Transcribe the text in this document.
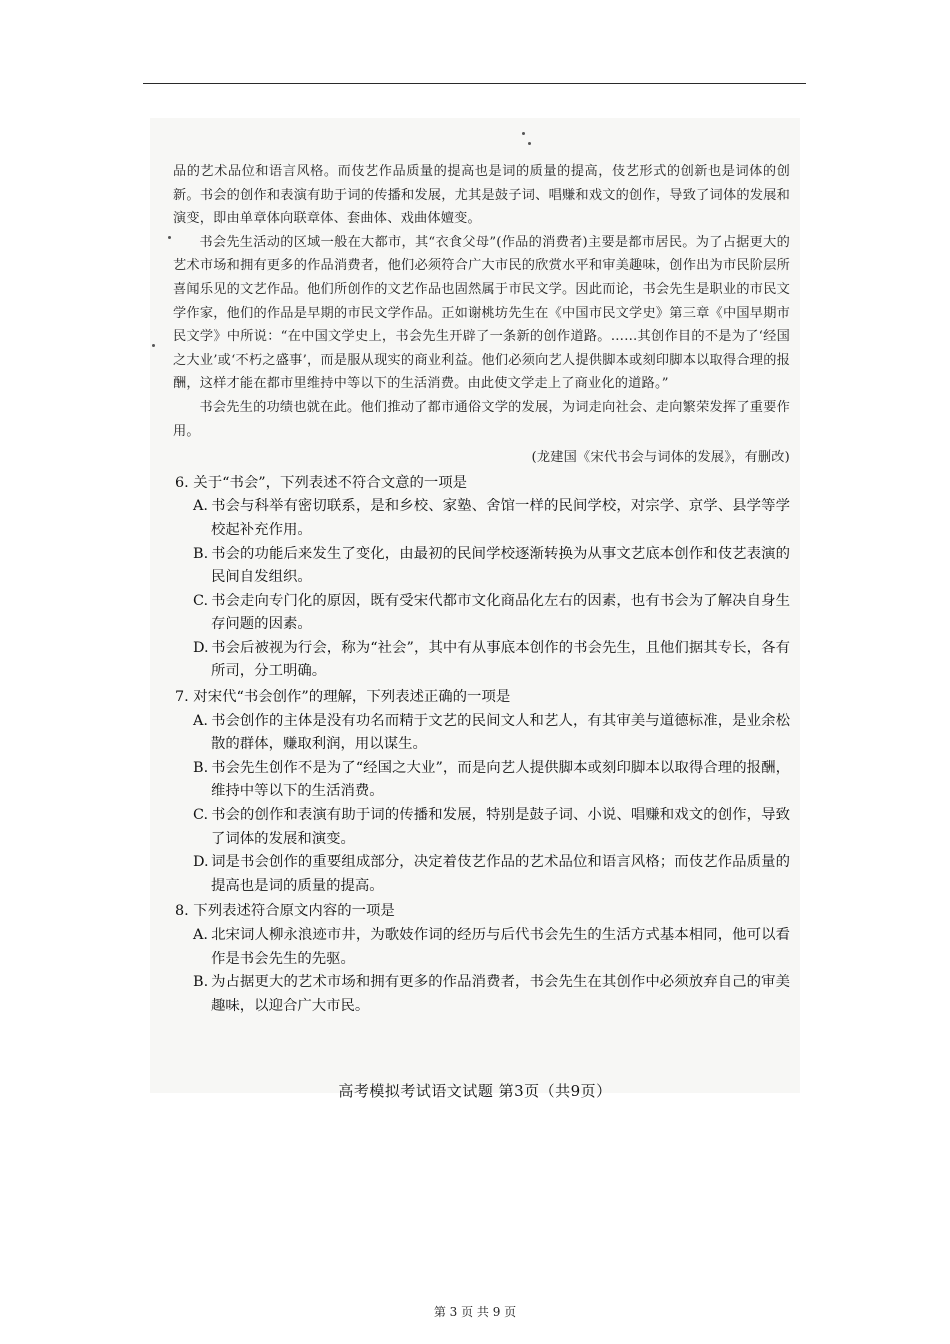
品的艺术品位和语言风格。而伎艺作品质量的提高也是词的质量的提高，伎艺形式的创新也是词体的创新。书会的创作和表演有助于词的传播和发展，尤其是鼓子词、唱赚和戏文的创作，导致了词体的发展和演变，即由单章体向联章体、套曲体、戏曲体嬗变。

书会先生活动的区域一般在大都市，其“衣食父母”(作品的消费者)主要是都市居民。为了占据更大的艺术市场和拥有更多的作品消费者，他们必须符合广大市民的欣赏水平和审美趣味，创作出为市民阶层所喜闻乐见的文艺作品。他们所创作的文艺作品也固然属于市民文学。因此而论，书会先生是职业的市民文学作家，他们的作品是早期的市民文学作品。正如谢桃坊先生在《中国市民文学史》第三章《中国早期市民文学》中所说：“在中国文学史上，书会先生开辟了一条新的创作道路。……其创作目的不是为了‘经国之大业’或‘不朽之盛事’，而是服从现实的商业利益。他们必须向艺人提供脚本或刻印脚本以取得合理的报酬，这样才能在都市里维持中等以下的生活消费。由此使文学走上了商业化的道路。”

书会先生的功绩也就在此。他们推动了都市通俗文学的发展，为词走向社会、走向繁荣发挥了重要作用。

(龙建国《宋代书会与词体的发展》，有删改)

6. 关于“书会”，下列表述不符合文意的一项是

A. 书会与科举有密切联系，是和乡校、家塾、舍馆一样的民间学校，对宗学、京学、县学等学校起补充作用。

B. 书会的功能后来发生了变化，由最初的民间学校逐渐转换为从事文艺底本创作和伎艺表演的民间自发组织。

C. 书会走向专门化的原因，既有受宋代都市文化商品化左右的因素，也有书会为了解决自身生存问题的因素。

D. 书会后被视为行会，称为“社会”，其中有从事底本创作的书会先生，且他们据其专长，各有所司，分工明确。

7. 对宋代“书会创作”的理解，下列表述正确的一项是

A. 书会创作的主体是没有功名而精于文艺的民间文人和艺人，有其审美与道德标准，是业余松散的群体，赚取利润，用以谋生。

B. 书会先生创作不是为了“经国之大业”，而是向艺人提供脚本或刻印脚本以取得合理的报酬，维持中等以下的生活消费。

C. 书会的创作和表演有助于词的传播和发展，特别是鼓子词、小说、唱赚和戏文的创作，导致了词体的发展和演变。

D. 词是书会创作的重要组成部分，决定着伎艺作品的艺术品位和语言风格；而伎艺作品质量的提高也是词的质量的提高。

8. 下列表述符合原文内容的一项是

A. 北宋词人柳永浪迹市井，为歌妓作词的经历与后代书会先生的生活方式基本相同，他可以看作是书会先生的先驱。

B. 为占据更大的艺术市场和拥有更多的作品消费者，书会先生在其创作中必须放弃自己的审美趣味，以迎合广大市民。

高考模拟考试语文试题 第3页（共9页）
第 3 页 共 9 页
